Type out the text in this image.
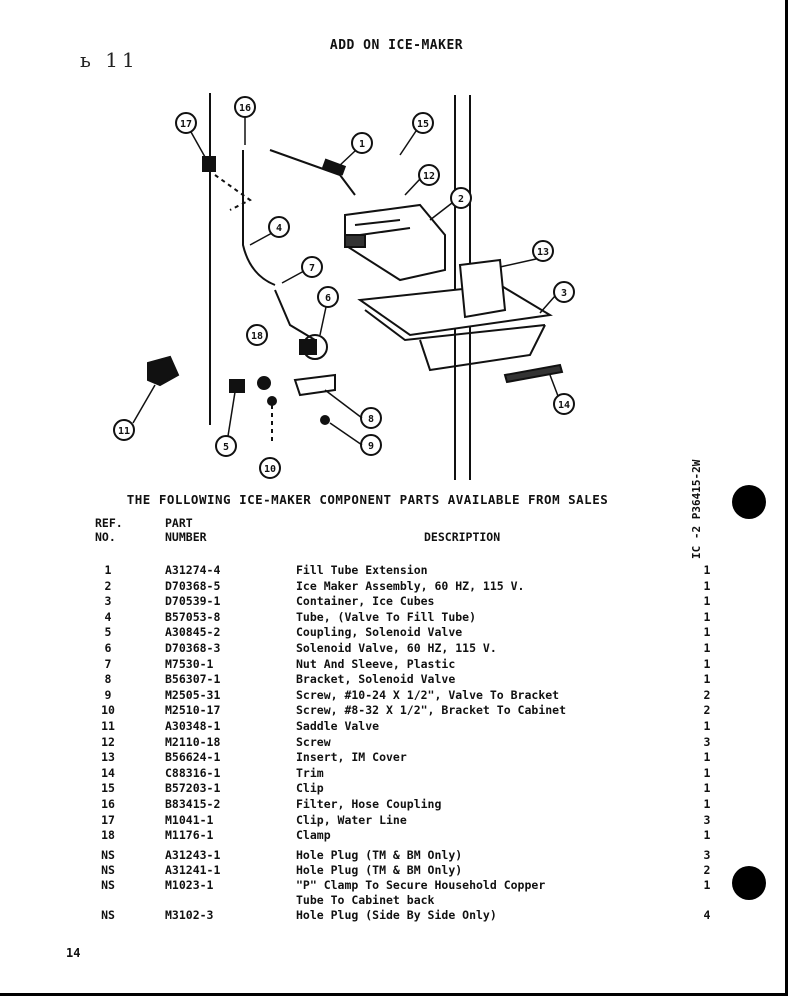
ь 11
ADD ON ICE-MAKER
17
16
1
15
12
2
4
7
13
3
6
18
11
5
10
8
9
14
THE FOLLOWING ICE-MAKER COMPONENT PARTS AVAILABLE FROM SALES	IC -2 P36415-2W
REF.
NO.
PART
NUMBER	DESCRIPTION
1	A31274-4	Fill Tube Extension	1
2	D70368-5	Ice Maker Assembly, 60 HZ, 115 V.	1
3	D70539-1	Container, Ice Cubes	1
4	B57053-8	Tube, (Valve To Fill Tube)	1
5	A30845-2	Coupling, Solenoid Valve	1
6	D70368-3	Solenoid Valve, 60 HZ, 115 V.	1
7	M7530-1	Nut And Sleeve, Plastic	1
8	B56307-1	Bracket, Solenoid Valve	1
9	M2505-31	Screw, #10-24 X 1/2", Valve To Bracket	2
10	M2510-17	Screw, #8-32 X 1/2", Bracket To Cabinet	2
11	A30348-1	Saddle Valve	1
12	M2110-18	Screw	3
13	B56624-1	Insert, IM Cover	1
14	C88316-1	Trim	1
15	B57203-1	Clip	1
16	B83415-2	Filter, Hose Coupling	1
17	M1041-1	Clip, Water Line	3
18	M1176-1	Clamp	1
NS	A31243-1	Hole Plug (TM & BM Only)	3
NS	A31241-1	Hole Plug (TM & BM Only)	2
NS	M1023-1	"P" Clamp To Secure Household Copper	1
Tube To Cabinet back
NS	M3102-3	Hole Plug (Side By Side Only)	4
14
